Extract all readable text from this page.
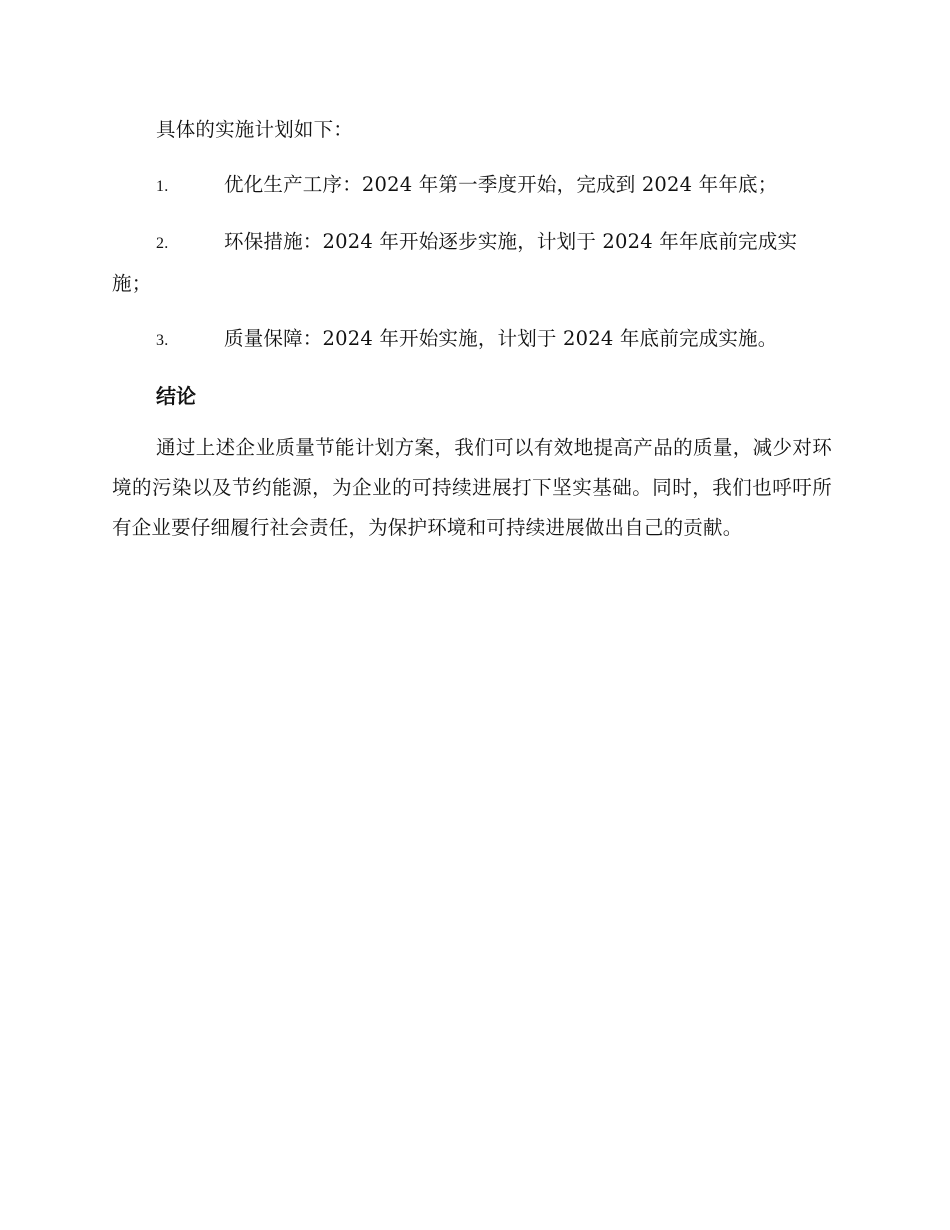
具体的实施计划如下：

1.	优化生产工序：2024 年第一季度开始，完成到 2024 年年底；
2.	环保措施：2024 年开始逐步实施，计划于 2024 年年底前完成实施；
3.	质量保障：2024 年开始实施，计划于 2024 年底前完成实施。
结论

通过上述企业质量节能计划方案，我们可以有效地提高产品的质量，减少对环境的污染以及节约能源，为企业的可持续进展打下坚实基础。同时，我们也呼吁所有企业要仔细履行社会责任，为保护环境和可持续进展做出自己的贡献。
